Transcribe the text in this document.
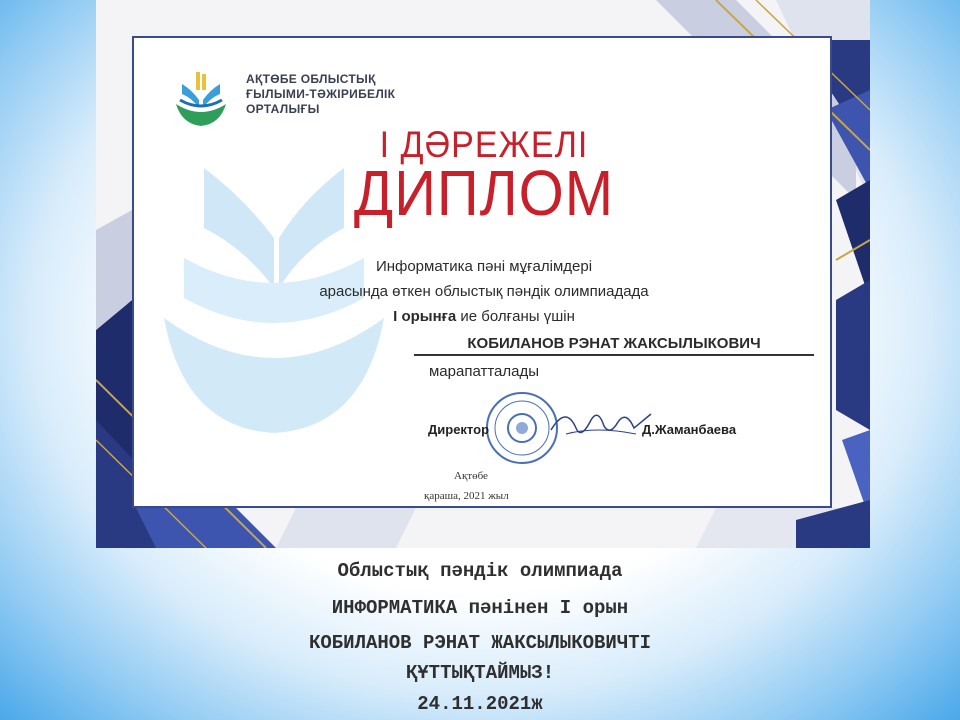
АҚТӨБЕ ОБЛЫСТЫҚ
ҒЫЛЫМИ-ТӘЖІРИБЕЛІК
ОРТАЛЫҒЫ
І ДӘРЕЖЕЛІ
ДИПЛОМ
Информатика пәні мұғалімдері
арасында өткен облыстық пәндік олимпиадада
І орынға ие болғаны үшін
КОБИЛАНОВ РЭНАТ ЖАКСЫЛЫКОВИЧ
марапатталады
Директор	Д.Жаманбаева
Ақтөбе
қараша, 2021 жыл
Облыстық пәндік олимпиада
ИНФОРМАТИКА пәнінен І орын
КОБИЛАНОВ РЭНАТ ЖАКСЫЛЫКОВИЧТІ
ҚҰТТЫҚТАЙМЫЗ!
24.11.2021ж
